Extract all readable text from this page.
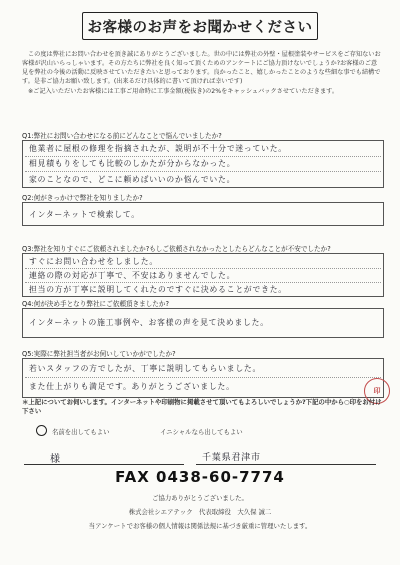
お客様のお声をお聞かせください

この度は弊社にお問い合わせを頂き誠にありがとうございました。世の中には弊社の外壁・屋根塗装やサービスをご存知ないお客様が沢山いらっしゃいます。その方たちに弊社を良く知って頂くためのアンケートにご協力頂けないでしょうか?お客様のご意見を弊社の今後の活動に反映させていただきたいと思っております。良かったこと、嬉しかったことのような些細な事でも結構です。是非ご協力お願い致します。(出来るだけ具体的に書いて頂ければ幸いです)

※ご記入いただいたお客様には工事ご用命時に工事金額(税抜き)の2%をキャッシュバックさせていただきます。

Q1:弊社にお問い合わせになる前にどんなことで悩んでいましたか?
他業者に屋根の修理を指摘されたが、説明が不十分で迷っていた。
相見積もりをしても比較のしかたが分からなかった。
家のことなので、どこに頼めばいいのか悩んでいた。
Q2:何がきっかけで弊社を知りましたか?
インターネットで検索して。
Q3:弊社を知りすぐにご依頼されましたか?もしご依頼されなかったとしたらどんなことが不安でしたか?
すぐにお問い合わせをしました。
連絡の際の対応が丁寧で、不安はありませんでした。
担当の方が丁寧に説明してくれたのですぐに決めることができた。
Q4:何が決め手となり弊社にご依頼頂きましたか?
インターネットの施工事例や、お客様の声を見て決めました。
Q5:実際に弊社担当者がお伺いしていかがでしたか?
若いスタッフの方でしたが、丁寧に説明してもらいました。
また仕上がりも満足です。ありがとうございました。	印
＊上記についてお伺いします。インターネットや印刷物に掲載させて頂いてもよろしいでしょうか?下記の中から○印をお付け下さい
名前を出してもよい	イニシャルなら出してもよい
様	千葉県君津市
FAX 0438-60-7774
ご協力ありがとうございました。
株式会社シエアテック　代表取締役　大久保 誠二
当アンケートでお客様の個人情報は関係法規に基づき厳重に管理いたします。
